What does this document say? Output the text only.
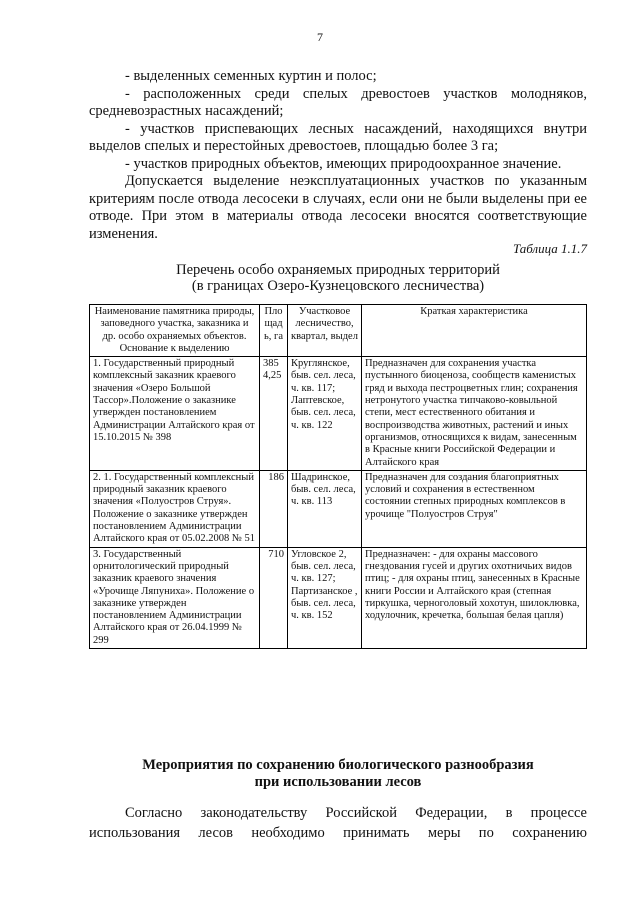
7

- выделенных семенных куртин и полос;

- расположенных среди спелых древостоев участков молодняков, средневозрастных насаждений;

- участков приспевающих лесных насаждений, находящихся внутри выделов спелых и перестойных древостоев, площадью более 3 га;

- участков природных объектов, имеющих природоохранное значение.

Допускается выделение неэксплуатационных участков по указанным критериям после отвода лесосеки в случаях, если они не были выделены при ее отводе. При этом в материалы отвода лесосеки вносятся соответствующие изменения.

Таблица 1.1.7
Перечень особо охраняемых природных территорий
(в границах Озеро-Кузнецовского лесничества)
Наименование памятника природы, заповедного участка, заказника и др. особо охраняемых объектов. Основание к выделению	Площадь, га	Участковое лесничество, квартал, выдел	Краткая характеристика
1. Государственный природный комплексный заказник краевого значения «Озеро Большой Тассор».Положение о заказнике утвержден постановлением Администрации Алтайского края от 15.10.2015 № 398	3854,25	Круглянское, быв. сел. леса, ч. кв. 117; Лаптевское, быв. сел. леса, ч. кв. 122	Предназначен для сохранения участка пустынного биоценоза, сообществ каменистых гряд и выхода пестроцветных глин; сохранения нетронутого участка типчаково-ковыльной степи, мест естественного обитания и воспроизводства животных, растений и иных организмов, относящихся к видам, занесенным в Красные книги Российской Федерации и Алтайского края
2. 1. Государственный комплексный природный заказник краевого значения «Полуостров Струя». Положение о заказнике утвержден постановлением Администрации Алтайского края от 05.02.2008 № 51	186	Шадринское, быв. сел. леса, ч. кв. 113	Предназначен для создания благоприятных условий и сохранения в естественном состоянии степных природных комплексов в урочище "Полуостров Струя"
3. Государственный орнитологический природный заказник краевого значения «Урочище Ляпуниха». Положение о заказнике утвержден постановлением Администрации Алтайского края от 26.04.1999 № 299	710	Угловское 2, быв. сел. леса, ч. кв. 127; Партизанское , быв. сел. леса, ч. кв. 152	Предназначен: - для охраны массового гнездования гусей и других охотничьих видов птиц; - для охраны птиц, занесенных в Красные книги России и Алтайского края (степная тиркушка, черноголовый хохотун, шилоклювка, ходулочник, кречетка, большая белая цапля)
Мероприятия по сохранению биологического разнообразия
при использовании лесов
Согласно законодательству Российской Федерации, в процессе
использования лесов необходимо принимать меры по сохранению
